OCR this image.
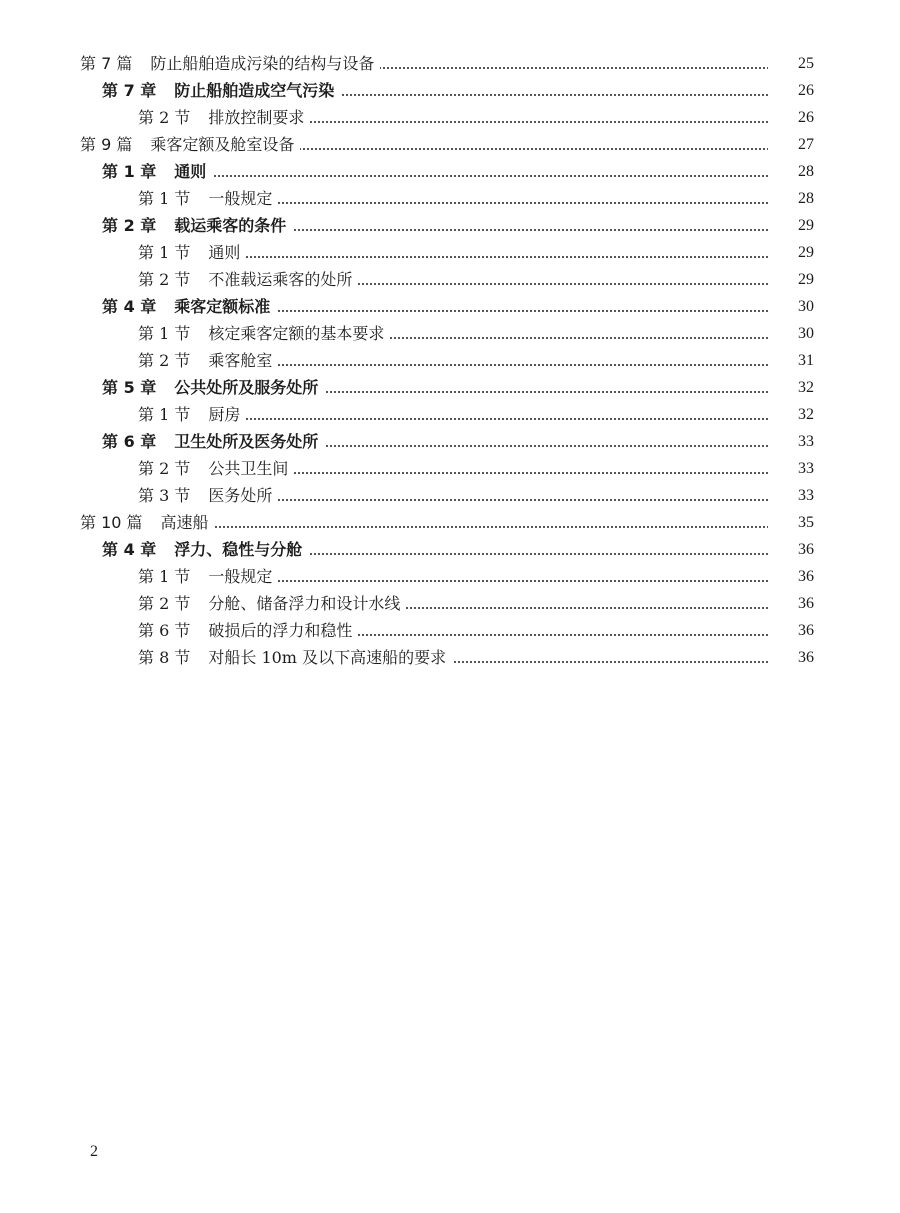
第 7 篇 防止船舶造成污染的结构与设备	25
第 7 章 防止船舶造成空气污染	26
第 2 节 排放控制要求	26
第 9 篇 乘客定额及舱室设备	27
第 1 章 通则	28
第 1 节 一般规定	28
第 2 章 载运乘客的条件	29
第 1 节 通则	29
第 2 节 不准载运乘客的处所	29
第 4 章 乘客定额标准	30
第 1 节 核定乘客定额的基本要求	30
第 2 节 乘客舱室	31
第 5 章 公共处所及服务处所	32
第 1 节 厨房	32
第 6 章 卫生处所及医务处所	33
第 2 节 公共卫生间	33
第 3 节 医务处所	33
第 10 篇 高速船	35
第 4 章 浮力、稳性与分舱	36
第 1 节 一般规定	36
第 2 节 分舱、储备浮力和设计水线	36
第 6 节 破损后的浮力和稳性	36
第 8 节 对船长 10m 及以下高速船的要求	36
2
